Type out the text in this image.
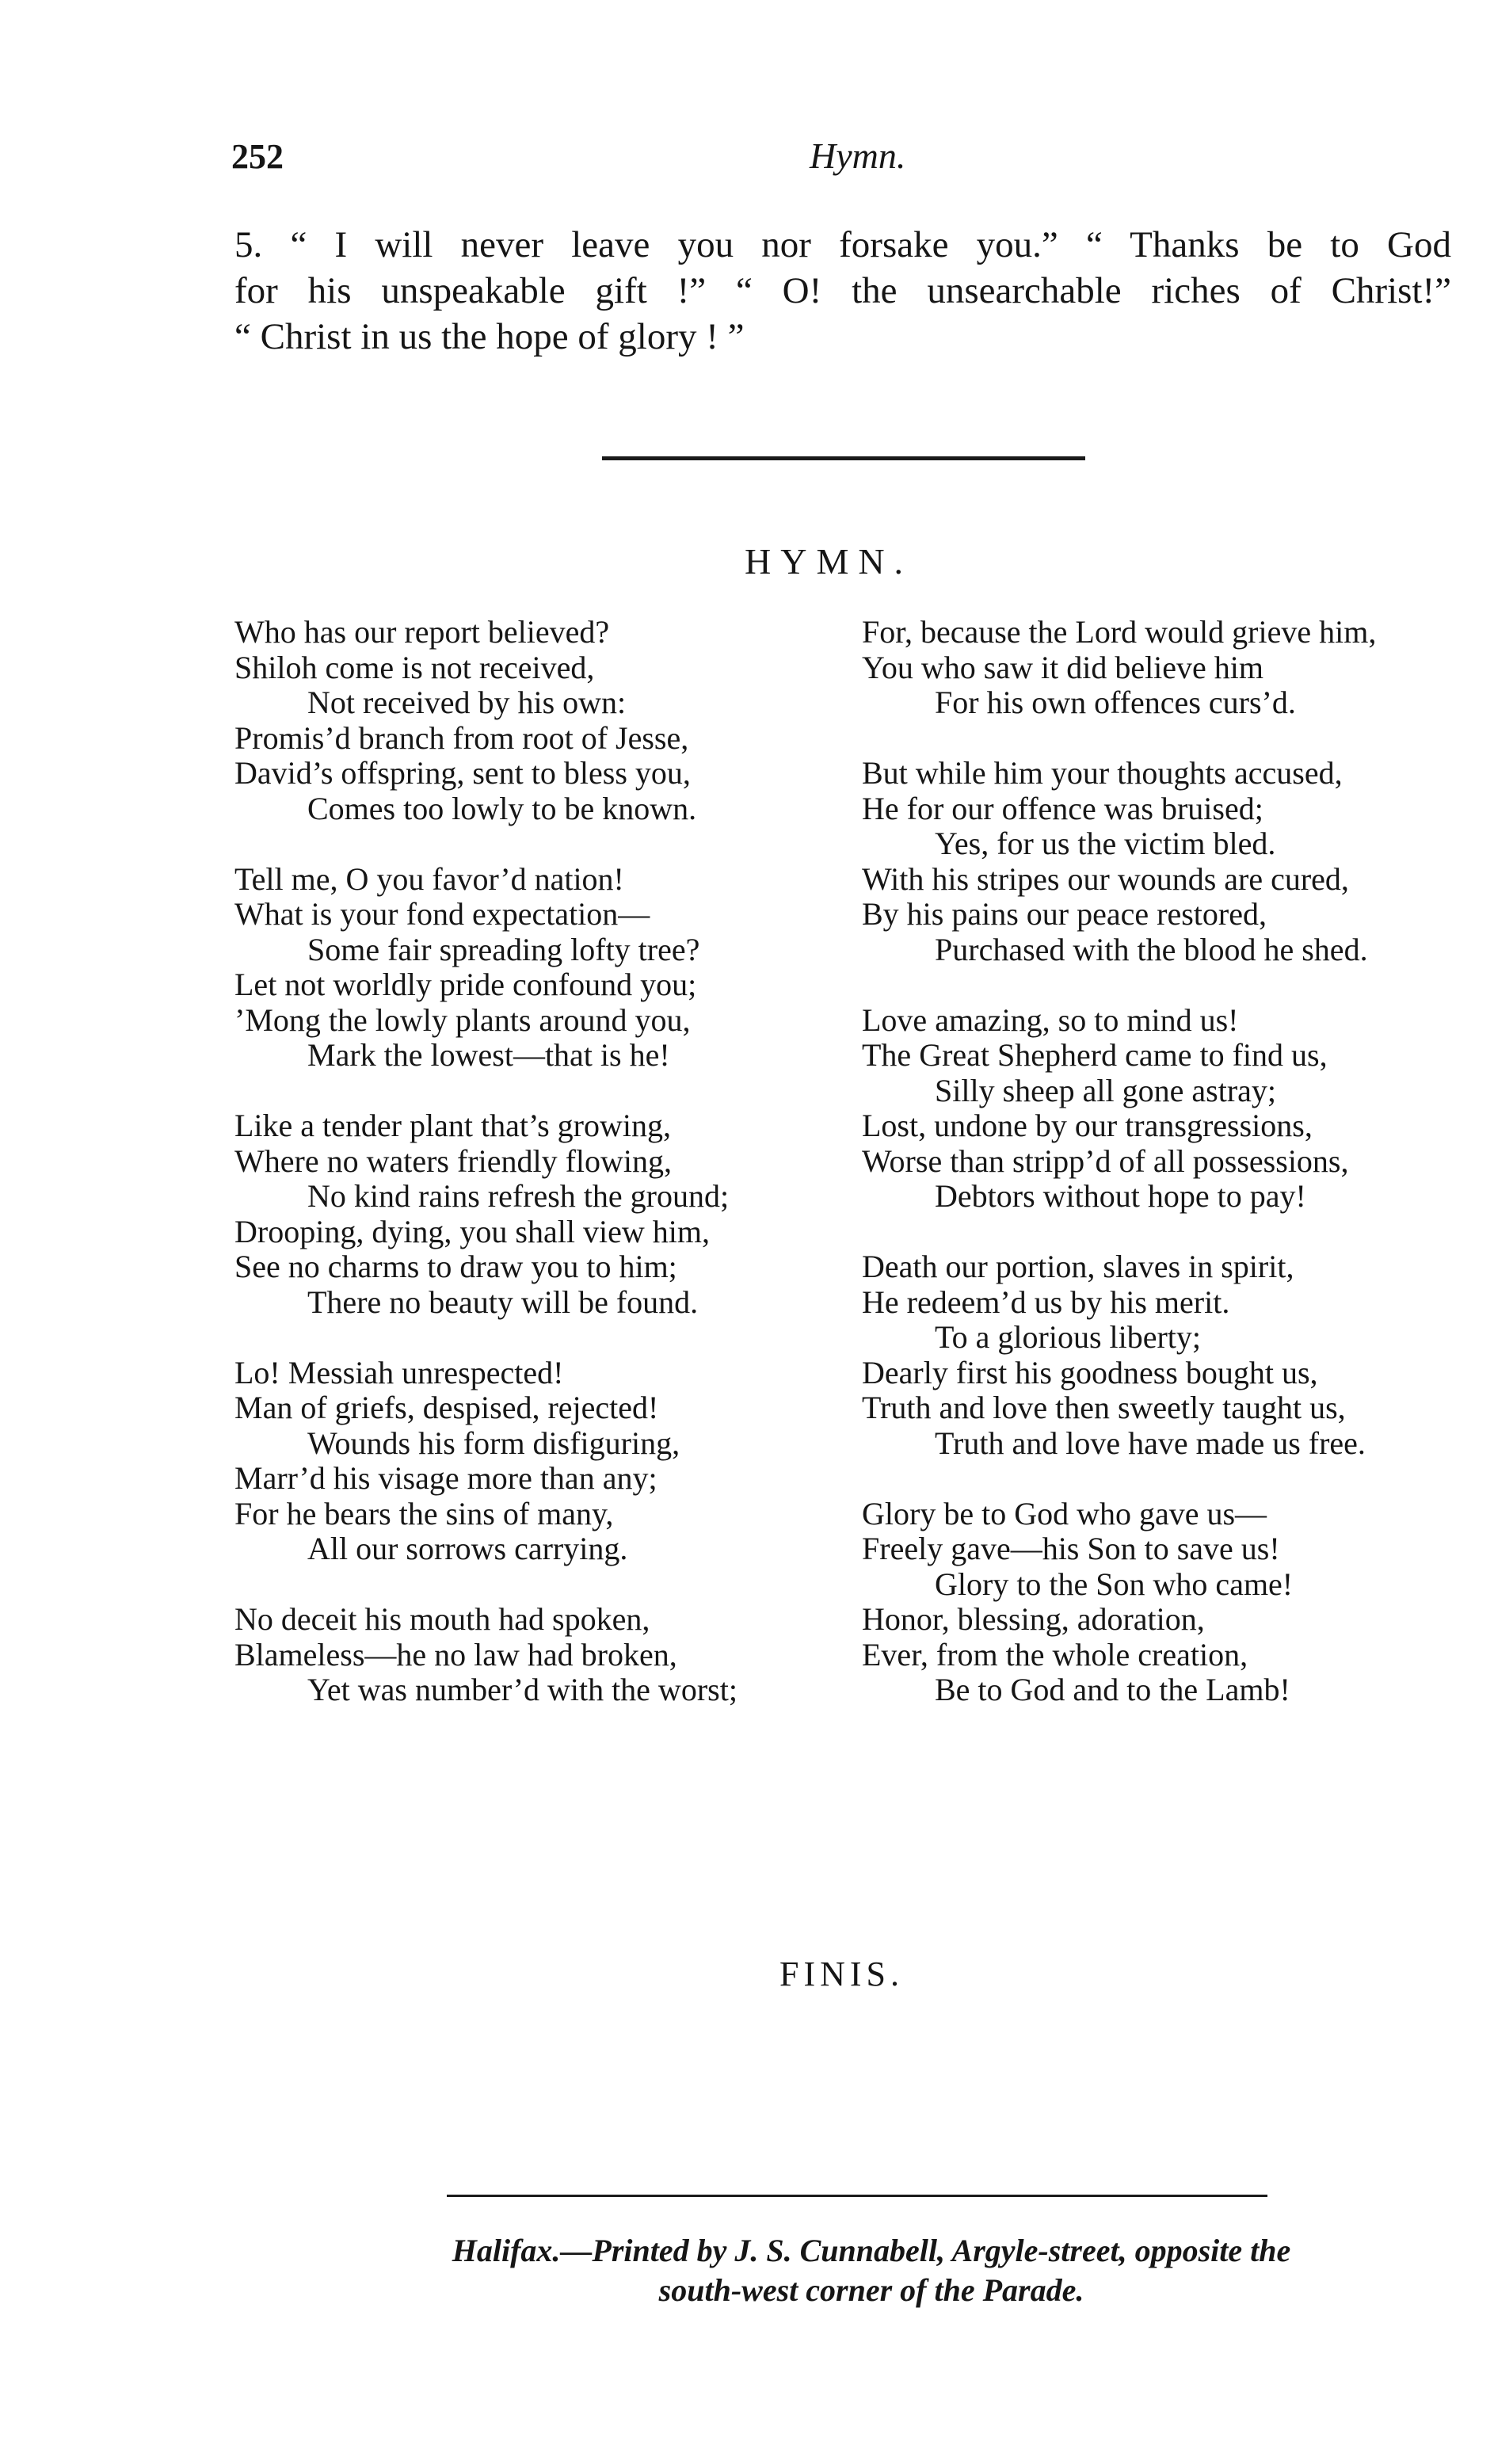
252	Hymn.
5. “ I will never leave you nor forsake you.” “ Thanks be to God
for his unspeakable gift !” “ O! the unsearchable riches of Christ!”
“ Christ in us the hope of glory ! ”
HYMN.
Who has our report believed?
Shiloh come is not received,
Not received by his own:
Promis’d branch from root of Jesse,
David’s offspring, sent to bless you,
Comes too lowly to be known.
Tell me, O you favor’d nation!
What is your fond expectation—
Some fair spreading lofty tree?
Let not worldly pride confound you;
’Mong the lowly plants around you,
Mark the lowest—that is he!
Like a tender plant that’s growing,
Where no waters friendly flowing,
No kind rains refresh the ground;
Drooping, dying, you shall view him,
See no charms to draw you to him;
There no beauty will be found.
Lo! Messiah unrespected!
Man of griefs, despised, rejected!
Wounds his form disfiguring,
Marr’d his visage more than any;
For he bears the sins of many,
All our sorrows carrying.
No deceit his mouth had spoken,
Blameless—he no law had broken,
Yet was number’d with the worst;
For, because the Lord would grieve him,
You who saw it did believe him
For his own offences curs’d.
But while him your thoughts accused,
He for our offence was bruised;
Yes, for us the victim bled.
With his stripes our wounds are cured,
By his pains our peace restored,
Purchased with the blood he shed.
Love amazing, so to mind us!
The Great Shepherd came to find us,
Silly sheep all gone astray;
Lost, undone by our transgressions,
Worse than stripp’d of all possessions,
Debtors without hope to pay!
Death our portion, slaves in spirit,
He redeem’d us by his merit.
To a glorious liberty;
Dearly first his goodness bought us,
Truth and love then sweetly taught us,
Truth and love have made us free.
Glory be to God who gave us—
Freely gave—his Son to save us!
Glory to the Son who came!
Honor, blessing, adoration,
Ever, from the whole creation,
Be to God and to the Lamb!
FINIS.
Halifax.—Printed by J. S. Cunnabell, Argyle-street, opposite the
south-west corner of the Parade.
